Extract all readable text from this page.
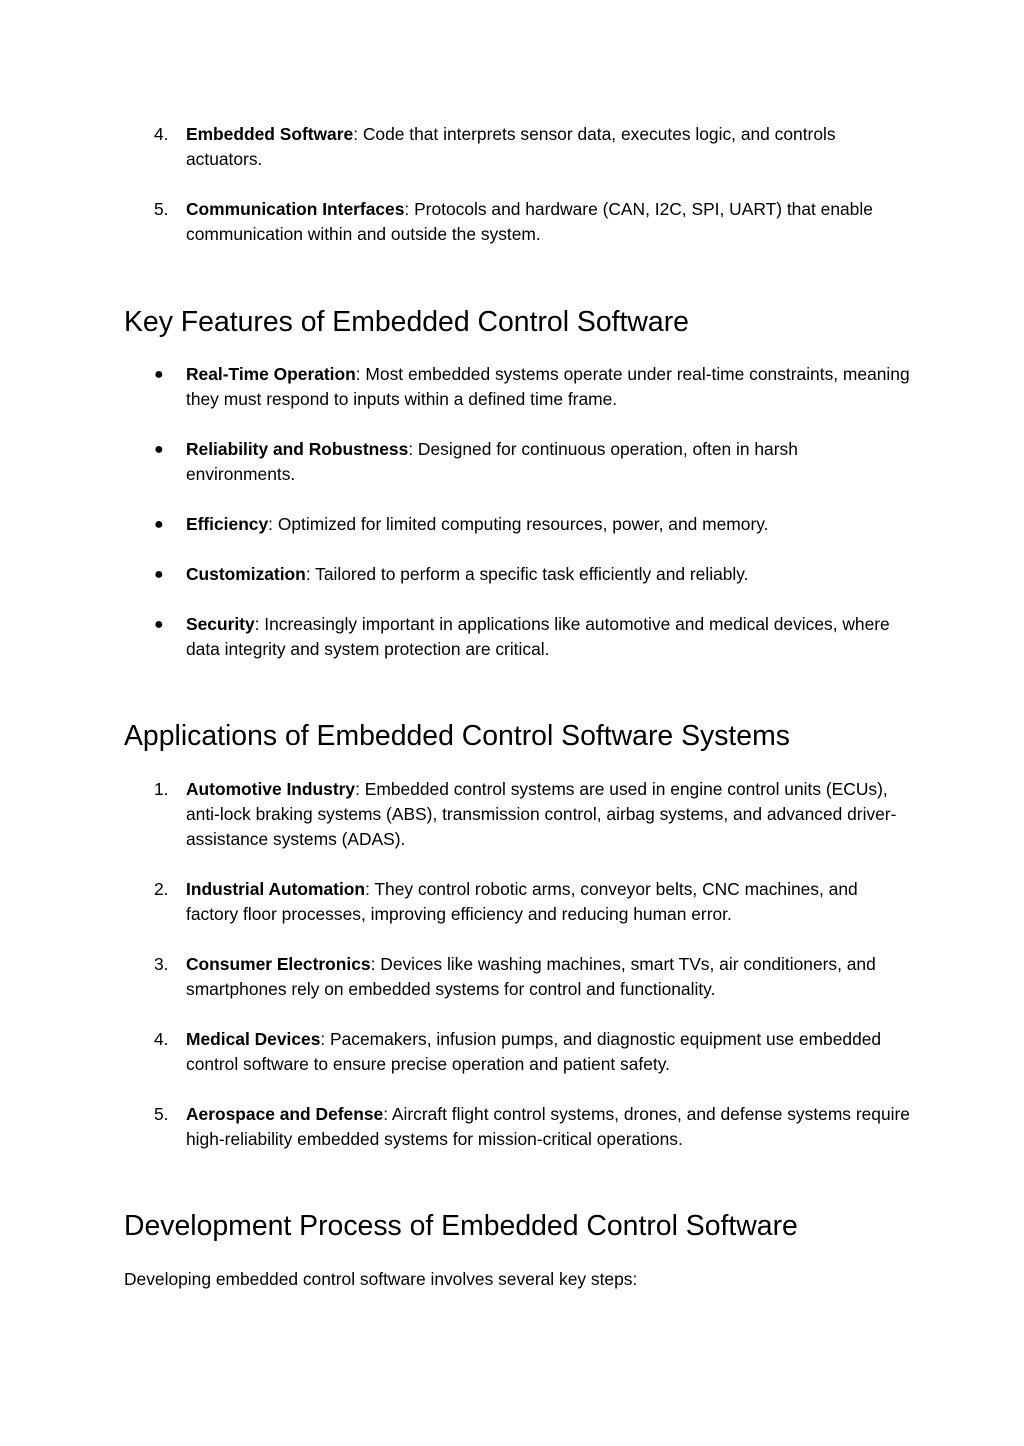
4.	Embedded Software: Code that interprets sensor data, executes logic, and controls actuators.
5.	Communication Interfaces: Protocols and hardware (CAN, I2C, SPI, UART) that enable communication within and outside the system.
Key Features of Embedded Control Software
●	Real-Time Operation: Most embedded systems operate under real-time constraints, meaning they must respond to inputs within a defined time frame.
●	Reliability and Robustness: Designed for continuous operation, often in harsh environments.
●	Efficiency: Optimized for limited computing resources, power, and memory.
●	Customization: Tailored to perform a specific task efficiently and reliably.
●	Security: Increasingly important in applications like automotive and medical devices, where data integrity and system protection are critical.
Applications of Embedded Control Software Systems
1.	Automotive Industry: Embedded control systems are used in engine control units (ECUs), anti-lock braking systems (ABS), transmission control, airbag systems, and advanced driver-assistance systems (ADAS).
2.	Industrial Automation: They control robotic arms, conveyor belts, CNC machines, and factory floor processes, improving efficiency and reducing human error.
3.	Consumer Electronics: Devices like washing machines, smart TVs, air conditioners, and smartphones rely on embedded systems for control and functionality.
4.	Medical Devices: Pacemakers, infusion pumps, and diagnostic equipment use embedded control software to ensure precise operation and patient safety.
5.	Aerospace and Defense: Aircraft flight control systems, drones, and defense systems require high-reliability embedded systems for mission-critical operations.
Development Process of Embedded Control Software

Developing embedded control software involves several key steps:
